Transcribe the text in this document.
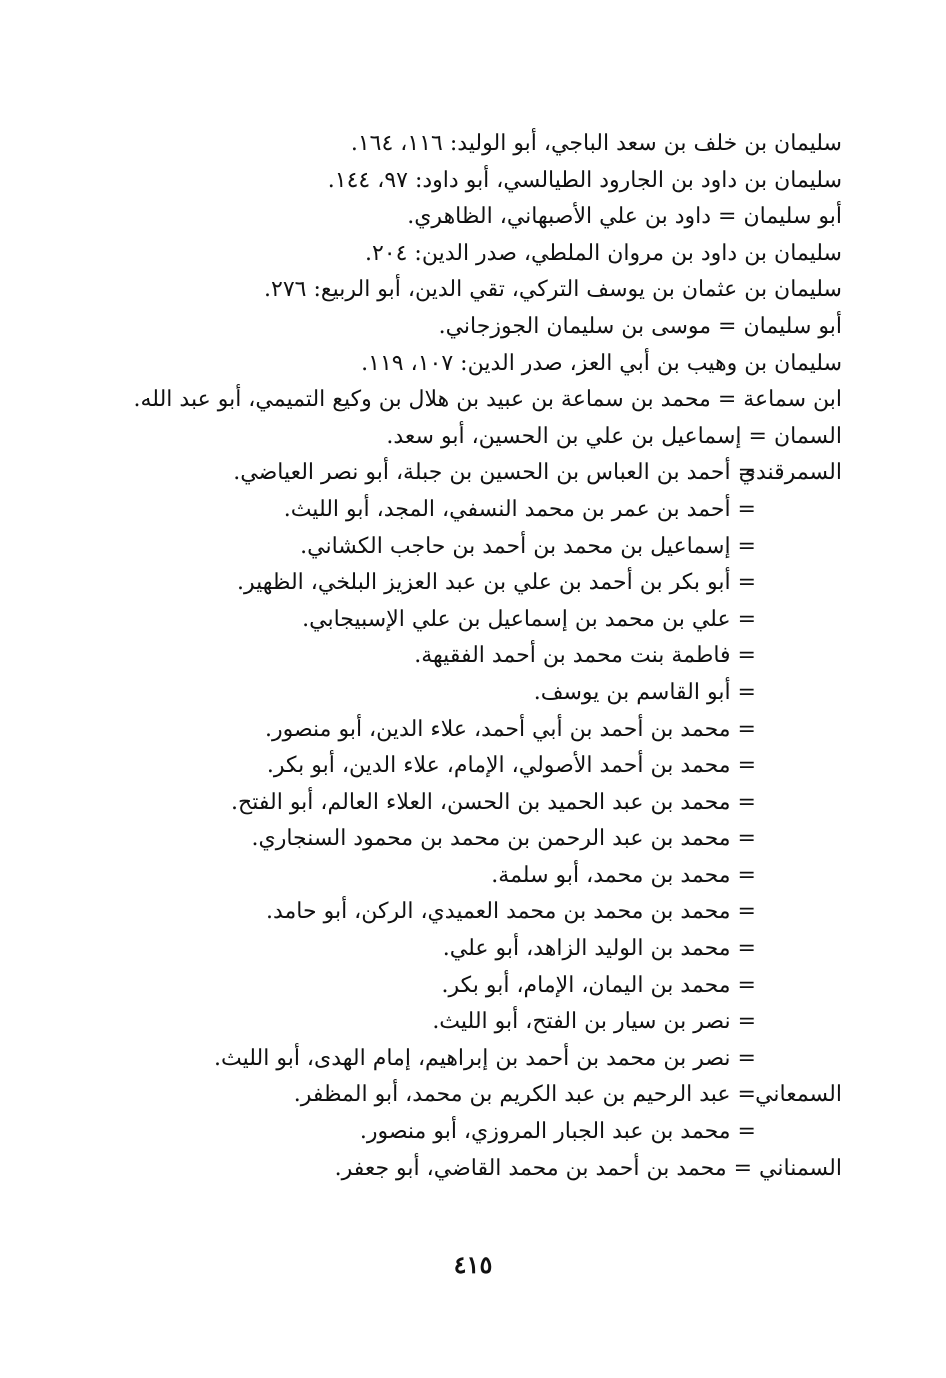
سليمان بن خلف بن سعد الباجي، أبو الوليد: ١١٦، ١٦٤.
سليمان بن داود بن الجارود الطيالسي، أبو داود: ٩٧، ١٤٤.
أبو سليمان = داود بن علي الأصبهاني، الظاهري.
سليمان بن داود بن مروان الملطي، صدر الدين: ٢٠٤.
سليمان بن عثمان بن يوسف التركي، تقي الدين، أبو الربيع: ٢٧٦.
أبو سليمان = موسى بن سليمان الجوزجاني.
سليمان بن وهيب بن أبي العز، صدر الدين: ١٠٧، ١١٩.
ابن سماعة = محمد بن سماعة بن عبيد بن هلال بن وكيع التميمي، أبو عبد الله.
السمان = إسماعيل بن علي بن الحسين، أبو سعد.
السمرقندي= أحمد بن العباس بن الحسين بن جبلة، أبو نصر العياضي.
= أحمد بن عمر بن محمد النسفي، المجد، أبو الليث.
= إسماعيل بن محمد بن أحمد بن حاجب الكشاني.
= أبو بكر بن أحمد بن علي بن عبد العزيز البلخي، الظهير.
= علي بن محمد بن إسماعيل بن علي الإسبيجابي.
= فاطمة بنت محمد بن أحمد الفقيهة.
= أبو القاسم بن يوسف.
= محمد بن أحمد بن أبي أحمد، علاء الدين، أبو منصور.
= محمد بن أحمد الأصولي، الإمام، علاء الدين، أبو بكر.
= محمد بن عبد الحميد بن الحسن، العلاء العالم، أبو الفتح.
= محمد بن عبد الرحمن بن محمد بن محمود السنجاري.
= محمد بن محمد، أبو سلمة.
= محمد بن محمد بن محمد العميدي، الركن، أبو حامد.
= محمد بن الوليد الزاهد، أبو علي.
= محمد بن اليمان، الإمام، أبو بكر.
= نصر بن سيار بن الفتح، أبو الليث.
= نصر بن محمد بن أحمد بن إبراهيم، إمام الهدى، أبو الليث.
السمعاني= عبد الرحيم بن عبد الكريم بن محمد، أبو المظفر.
= محمد بن عبد الجبار المروزي، أبو منصور.
السمناني = محمد بن أحمد بن محمد القاضي، أبو جعفر.
٤١٥
